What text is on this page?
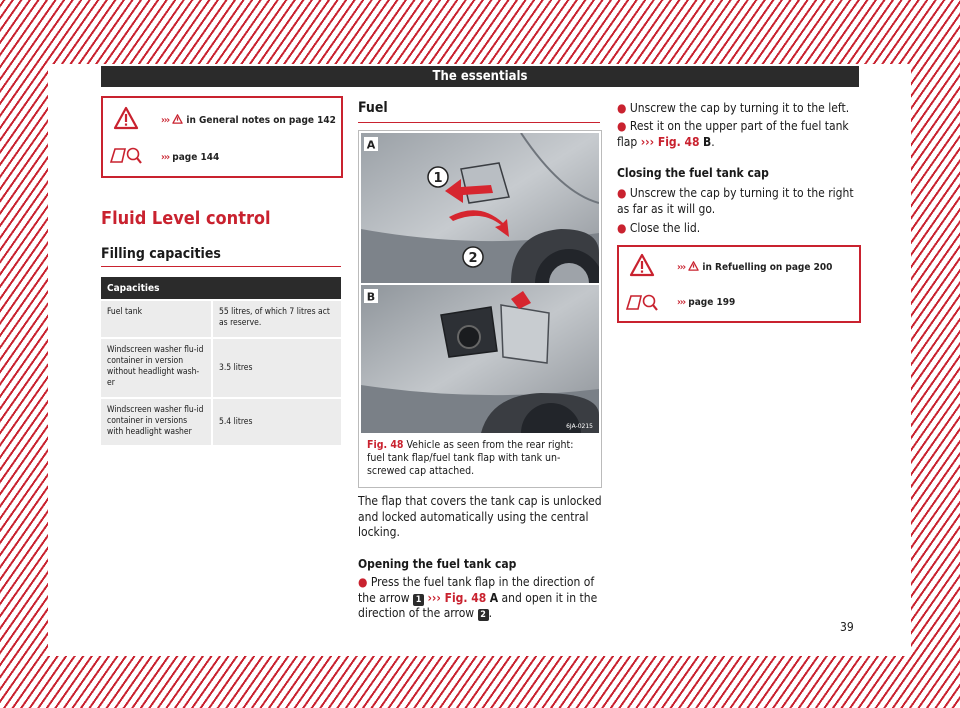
The essentials
››› in General notes on page 142
››› page 144
Fluid Level control
Filling capacities
Capacities	
Fuel tank	55 litres, of which 7 litres act as reserve.
Windscreen washer flu-id container in version without headlight wash-er	3.5 litres
Windscreen washer flu-id container in versions with headlight washer	5.4 litres
Fuel
A
1
2
B
6JA-0215
Fig. 48 Vehicle as seen from the rear right: fuel tank flap/fuel tank flap with tank un-screwed cap attached.
The flap that covers the tank cap is unlocked and locked automatically using the central locking.
Opening the fuel tank cap
● Press the fuel tank flap in the direction of the arrow 1 ››› Fig. 48 A and open it in the direction of the arrow 2 .
● Unscrew the cap by turning it to the left.
● Rest it on the upper part of the fuel tank flap ››› Fig. 48 B.
Closing the fuel tank cap
● Unscrew the cap by turning it to the right as far as it will go.
● Close the lid.
››› in Refuelling on page 200
››› page 199
39
